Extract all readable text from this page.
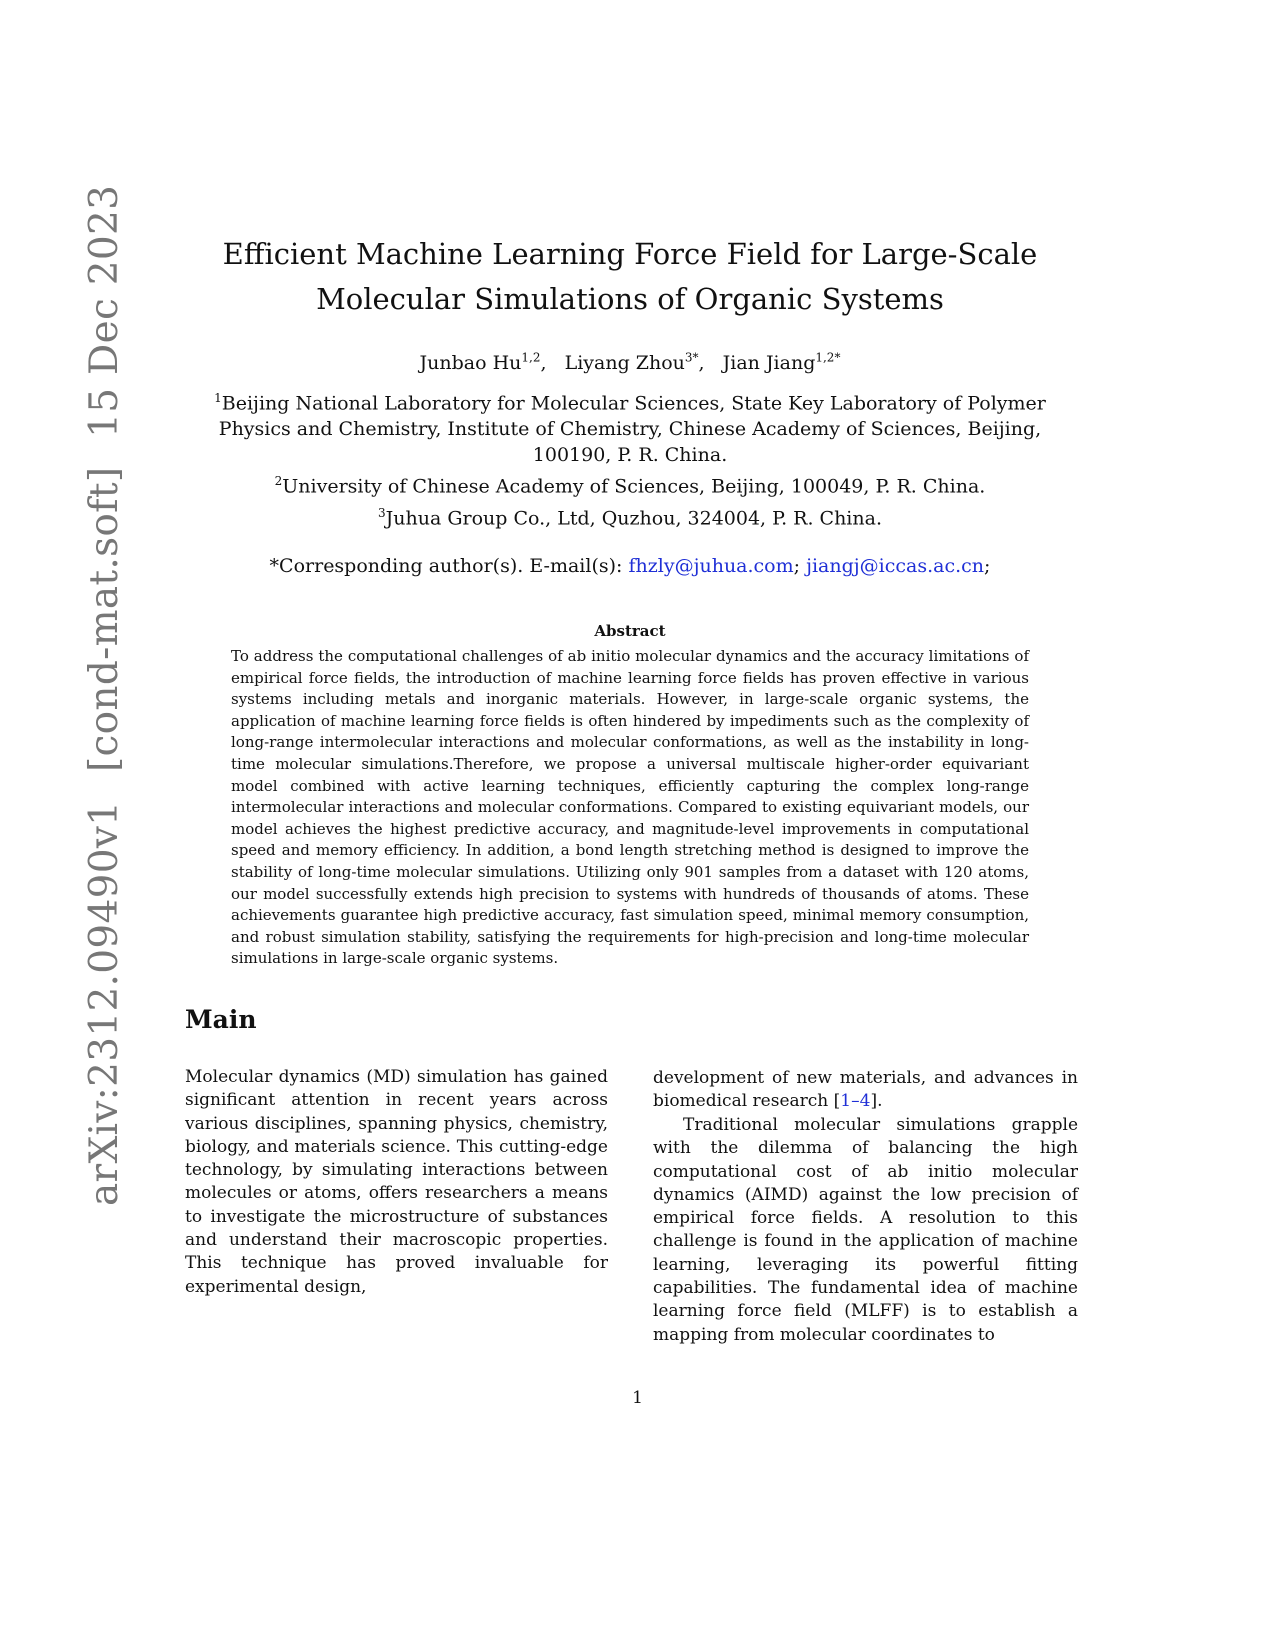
arXiv:2312.09490v1 [cond-mat.soft] 15 Dec 2023	Efficient Machine Learning Force Field for Large-Scale
Molecular Simulations of Organic Systems
Junbao Hu$^{1,2}$, Liyang Zhou$^{3*}$, Jian Jiang$^{1,2*}$
$^1$Beijing National Laboratory for Molecular Sciences, State Key Laboratory of Polymer Physics and Chemistry, Institute of Chemistry, Chinese Academy of Sciences, Beijing, 100190, P. R. China.
$^2$University of Chinese Academy of Sciences, Beijing, 100049, P. R. China.
$^3$Juhua Group Co., Ltd, Quzhou, 324004, P. R. China.
*Corresponding author(s). E-mail(s): fhzly@juhua.com; jiangj@iccas.ac.cn;
Abstract

To address the computational challenges of ab initio molecular dynamics and the accuracy limitations of empirical force fields, the introduction of machine learning force fields has proven effective in various systems including metals and inorganic materials. However, in large-scale organic systems, the application of machine learning force fields is often hindered by impediments such as the complexity of long-range intermolecular interactions and molecular conformations, as well as the instability in long-time molecular simulations.Therefore, we propose a universal multiscale higher-order equivariant model combined with active learning techniques, efficiently capturing the complex long-range intermolecular interactions and molecular conformations. Compared to existing equivariant models, our model achieves the highest predictive accuracy, and magnitude-level improvements in computational speed and memory efficiency. In addition, a bond length stretching method is designed to improve the stability of long-time molecular simulations. Utilizing only 901 samples from a dataset with 120 atoms, our model successfully extends high precision to systems with hundreds of thousands of atoms. These achievements guarantee high predictive accuracy, fast simulation speed, minimal memory consumption, and robust simulation stability, satisfying the requirements for high-precision and long-time molecular simulations in large-scale organic systems.

Main

Molecular dynamics (MD) simulation has gained significant attention in recent years across various disciplines, spanning physics, chemistry, biology, and materials science. This cutting-edge technology, by simulating interactions between molecules or atoms, offers researchers a means to investigate the microstructure of substances and understand their macroscopic properties. This technique has proved invaluable for experimental design,

development of new materials, and advances in biomedical research [1–4].

Traditional molecular simulations grapple with the dilemma of balancing the high computational cost of ab initio molecular dynamics (AIMD) against the low precision of empirical force fields. A resolution to this challenge is found in the application of machine learning, leveraging its powerful fitting capabilities. The fundamental idea of machine learning force field (MLFF) is to establish a mapping from molecular coordinates to

1
